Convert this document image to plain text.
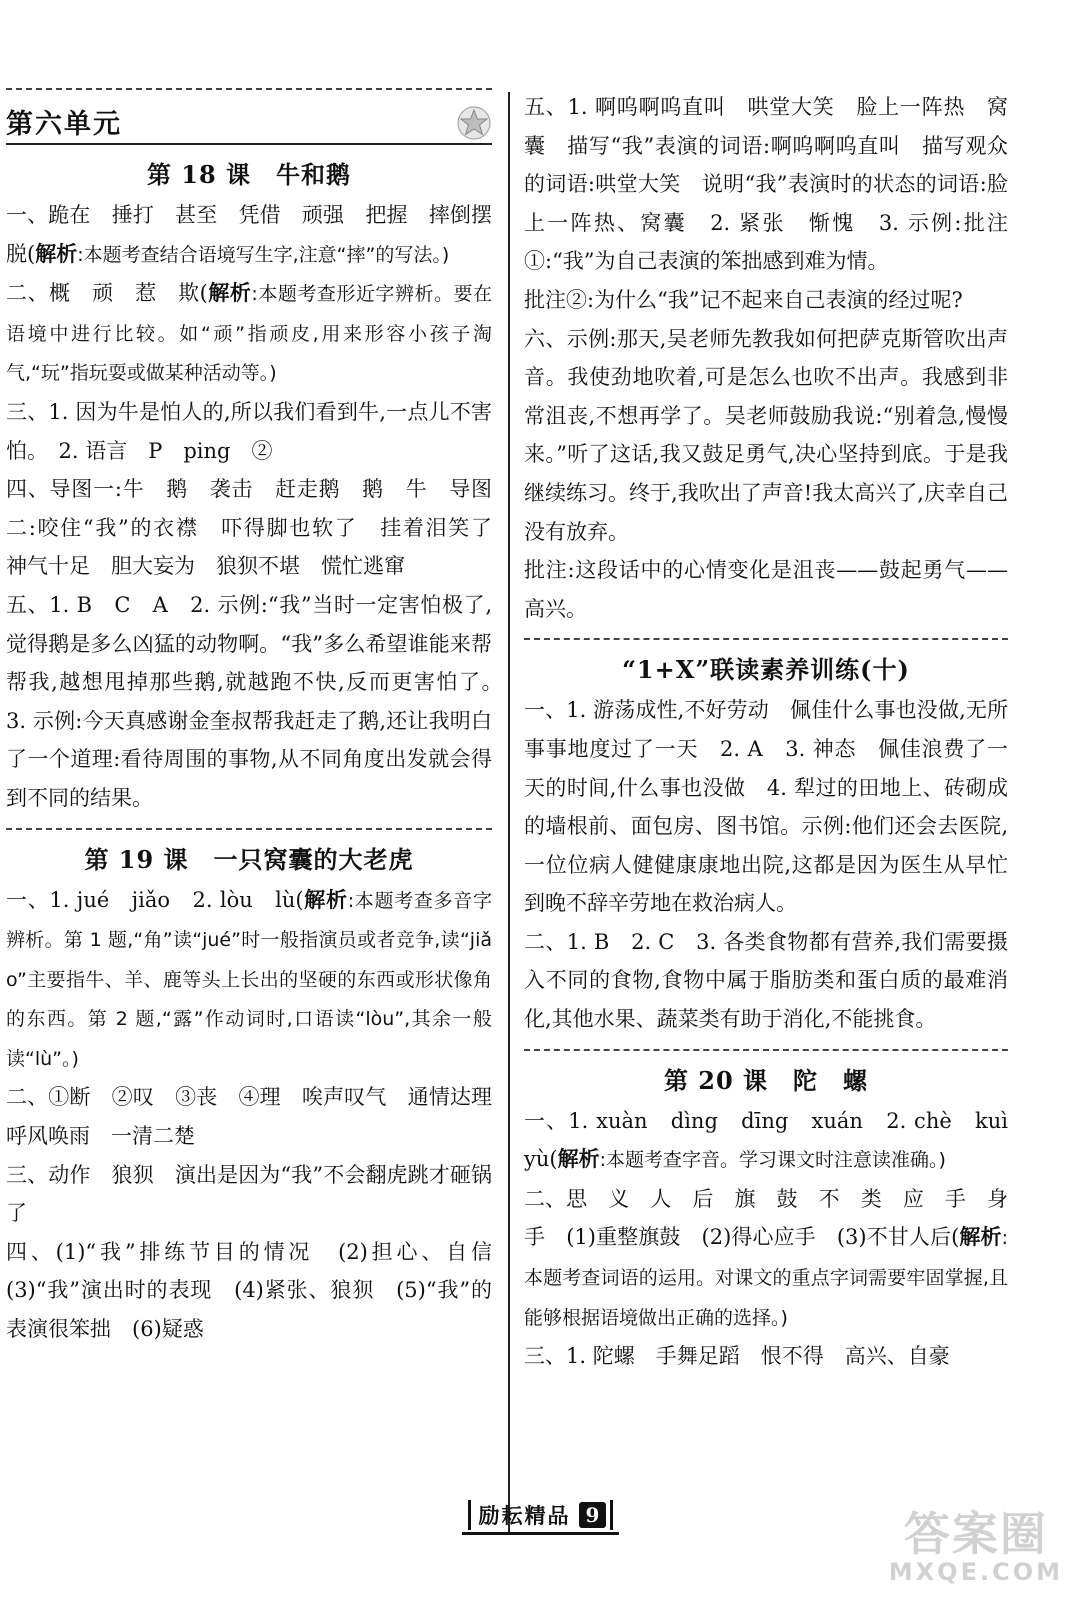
第六单元
第 18 课　牛和鹅

一、跪在　捶打　甚至　凭借　顽强　把握　摔倒摆脱(解析:本题考查结合语境写生字,注意“摔”的写法。)

二、概　顽　惹　欺(解析:本题考查形近字辨析。要在语境中进行比较。如“顽”指顽皮,用来形容小孩子淘气,“玩”指玩耍或做某种活动等。)

三、1. 因为牛是怕人的,所以我们看到牛,一点儿不害怕。　2. 语言　P　ping　②

四、导图一:牛　鹅　袭击　赶走鹅　鹅　牛　导图二:咬住“我”的衣襟　吓得脚也软了　挂着泪笑了　神气十足　胆大妄为　狼狈不堪　慌忙逃窜

五、1. B　C　A　2. 示例:“我”当时一定害怕极了,觉得鹅是多么凶猛的动物啊。“我”多么希望谁能来帮帮我,越想甩掉那些鹅,就越跑不快,反而更害怕了。　3. 示例:今天真感谢金奎叔帮我赶走了鹅,还让我明白了一个道理:看待周围的事物,从不同角度出发就会得到不同的结果。

第 19 课　一只窝囊的大老虎

一、1. jué　jiǎo　2. lòu　lù(解析:本题考查多音字辨析。第 1 题,“角”读“jué”时一般指演员或者竞争,读“jiǎo”主要指牛、羊、鹿等头上长出的坚硬的东西或形状像角的东西。第 2 题,“露”作动词时,口语读“lòu”,其余一般读“lù”。)

二、①断　②叹　③丧　④理　唉声叹气　通情达理　呼风唤雨　一清二楚

三、动作　狼狈　演出是因为“我”不会翻虎跳才砸锅了

四、(1)“我”排练节目的情况　(2)担心、自信　(3)“我”演出时的表现　(4)紧张、狼狈　(5)“我”的表演很笨拙　(6)疑惑

五、1. 啊呜啊呜直叫　哄堂大笑　脸上一阵热　窝囊　描写“我”表演的词语:啊呜啊呜直叫　描写观众的词语:哄堂大笑　说明“我”表演时的状态的词语:脸上一阵热、窝囊　2. 紧张　惭愧　3. 示例:批注①:“我”为自己表演的笨拙感到难为情。

批注②:为什么“我”记不起来自己表演的经过呢?

六、示例:那天,吴老师先教我如何把萨克斯管吹出声音。我使劲地吹着,可是怎么也吹不出声。我感到非常沮丧,不想再学了。吴老师鼓励我说:“别着急,慢慢来。”听了这话,我又鼓足勇气,决心坚持到底。于是我继续练习。终于,我吹出了声音!我太高兴了,庆幸自己没有放弃。

批注:这段话中的心情变化是沮丧——鼓起勇气——高兴。

“1+X”联读素养训练(十)

一、1. 游荡成性,不好劳动　佩佳什么事也没做,无所事事地度过了一天　2. A　3. 神态　佩佳浪费了一天的时间,什么事也没做　4. 犁过的田地上、砖砌成的墙根前、面包房、图书馆。示例:他们还会去医院,一位位病人健健康康地出院,这都是因为医生从早忙到晚不辞辛劳地在救治病人。

二、1. B　2. C　3. 各类食物都有营养,我们需要摄入不同的食物,食物中属于脂肪类和蛋白质的最难消化,其他水果、蔬菜类有助于消化,不能挑食。

第 20 课　陀　螺

一、1. xuàn　dìng　dīng　xuán　2. chè　kuì　yù(解析:本题考查字音。学习课文时注意读准确。)

二、思　义　人　后　旗　鼓　不　类　应　手　身　手　(1)重整旗鼓　(2)得心应手　(3)不甘人后(解析:本题考查词语的运用。对课文的重点字词需要牢固掌握,且能够根据语境做出正确的选择。)

三、1. 陀螺　手舞足蹈　恨不得　高兴、自豪

励耘精品 9	答案圈
MXQE.COM
